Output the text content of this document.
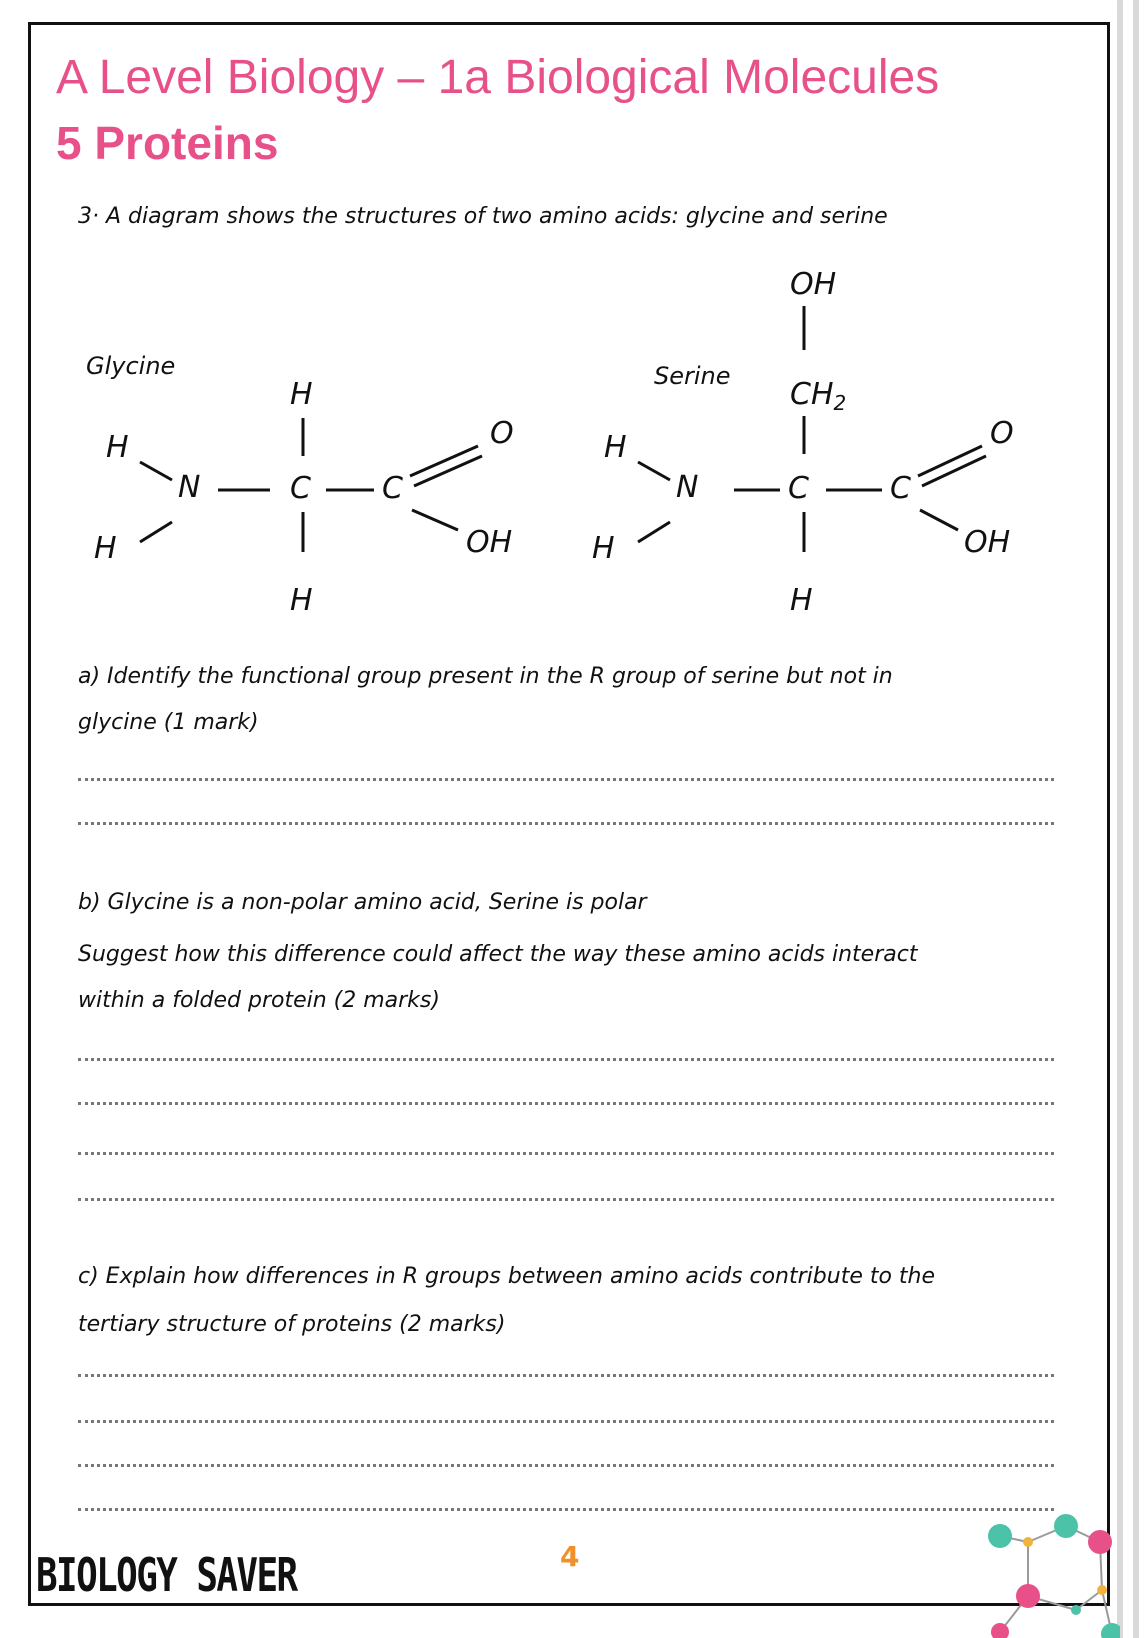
A Level Biology – 1a Biological Molecules
5 Proteins
3· A diagram shows the structures of two amino acids: glycine and serine
Glycine
H
H
N
H
C
H
C
O
OH
Serine
OH
$CH_2$
H
H
N	C
H
C
O
OH
a) Identify the functional group present in the R group of serine but not in
glycine (1 mark)
b) Glycine is a non-polar amino acid, Serine is polar
Suggest how this difference could affect the way these amino acids interact
within a folded protein (2 marks)
c) Explain how differences in R groups between amino acids contribute to the
tertiary structure of proteins (2 marks)
BIOLOGY SAVER	4
